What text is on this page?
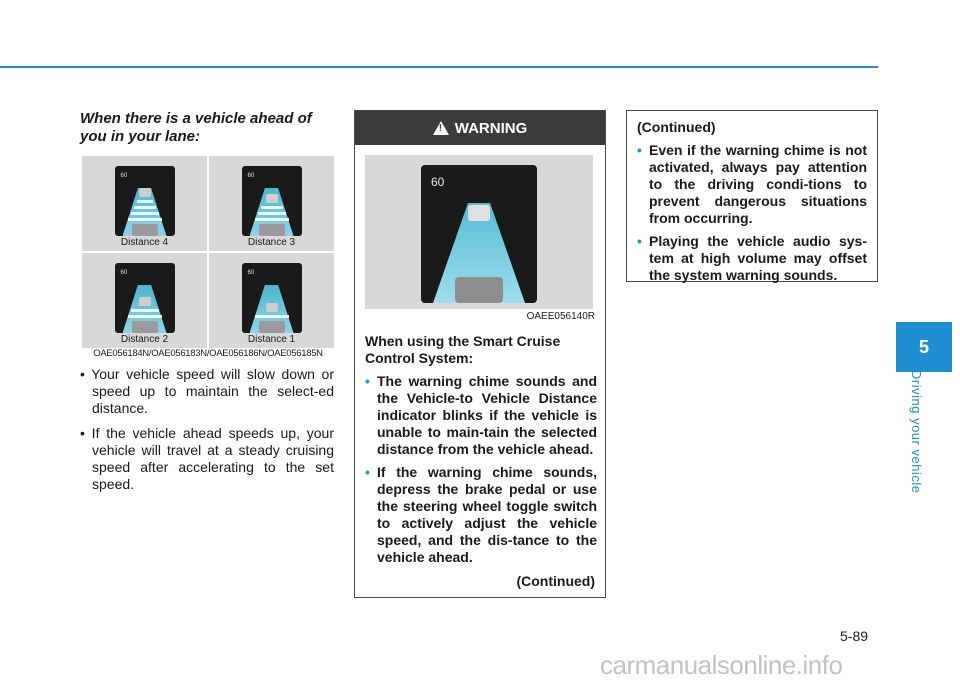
When there is a vehicle ahead of you in your lane:
60
Distance 4
60
Distance 3
60
Distance 2
60
Distance 1
OAE056184N/OAE056183N/OAE056186N/OAE056185N
• Your vehicle speed will slow down or speed up to maintain the select-ed distance.
• If the vehicle ahead speeds up, your vehicle will travel at a steady cruising speed after accelerating to the set speed.
!
WARNING
60
OAEE056140R
When using the Smart Cruise Control System:
• The warning chime sounds and the Vehicle-to Vehicle Distance indicator blinks if the vehicle is unable to main-tain the selected distance from the vehicle ahead.
• If the warning chime sounds, depress the brake pedal or use the steering wheel toggle switch to actively adjust the vehicle speed, and the dis-tance to the vehicle ahead.
(Continued)
(Continued)
• Even if the warning chime is not activated, always pay attention to the driving condi-tions to prevent dangerous situations from occurring.
• Playing the vehicle audio sys-tem at high volume may offset the system warning sounds.
5
Driving your vehicle
5-89
carmanualsonline.info
